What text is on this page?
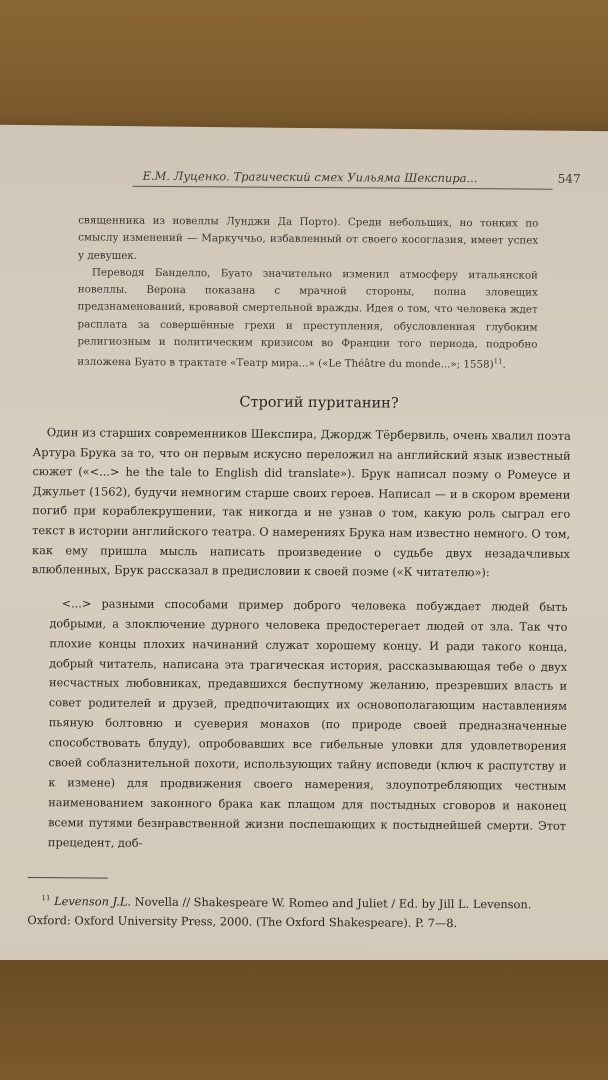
Е.М. Луценко. Трагический смех Уильяма Шекспира...	547

священника из новеллы Лунджи Да Порто). Среди небольших, но тонких по смыслу изменений — Маркуччьо, избавленный от своего косоглазия, имеет успех у девушек.

Переводя Банделло, Буато значительно изменил атмосферу итальянской новеллы. Верона показана с мрачной стороны, полна зловещих предзнаменований, кровавой смертельной вражды. Идея о том, что человека ждет расплата за совершённые грехи и преступления, обусловленная глубоким религиозным и политическим кризисом во Франции того периода, подробно изложена Буато в трактате «Театр мира...» («Le Théâtre du monde...»; 1558)$^{11}$.

Строгий пуританин?

Один из старших современников Шекспира, Джордж Тёрбервиль, очень хвалил поэта Артура Брука за то, что он первым искусно переложил на английский язык известный сюжет («<...> he the tale to English did translate»). Брук написал поэму о Ромеусе и Джульет (1562), будучи немногим старше своих героев. Написал — и в скором времени погиб при кораблекрушении, так никогда и не узнав о том, какую роль сыграл его текст в истории английского театра. О намерениях Брука нам известно немного. О том, как ему пришла мысль написать произведение о судьбе двух незадачливых влюбленных, Брук рассказал в предисловии к своей поэме («К читателю»):

<...> разными способами пример доброго человека побуждает людей быть добрыми, а злоключение дурного человека предостерегает людей от зла. Так что плохие концы плохих начинаний служат хорошему концу. И ради такого конца, добрый читатель, написана эта трагическая история, рассказывающая тебе о двух несчастных любовниках, предавшихся беспутному желанию, презревших власть и совет родителей и друзей, предпочитающих их основополагающим наставлениям пьяную болтовню и суеверия монахов (по природе своей предназначенные способствовать блуду), опробовавших все гибельные уловки для удовлетворения своей соблазнительной похоти, использующих тайну исповеди (ключ к распутству и к измене) для продвижения своего намерения, злоупотребляющих честным наименованием законного брака как плащом для постыдных сговоров и наконец всеми путями безнравственной жизни поспешающих к постыднейшей смерти. Этот прецедент, доб-

$^{11}$ Levenson J.L. Novella // Shakespeare W. Romeo and Juliet / Ed. by Jill L. Levenson. Oxford: Oxford University Press, 2000. (The Oxford Shakespeare). P. 7—8.
